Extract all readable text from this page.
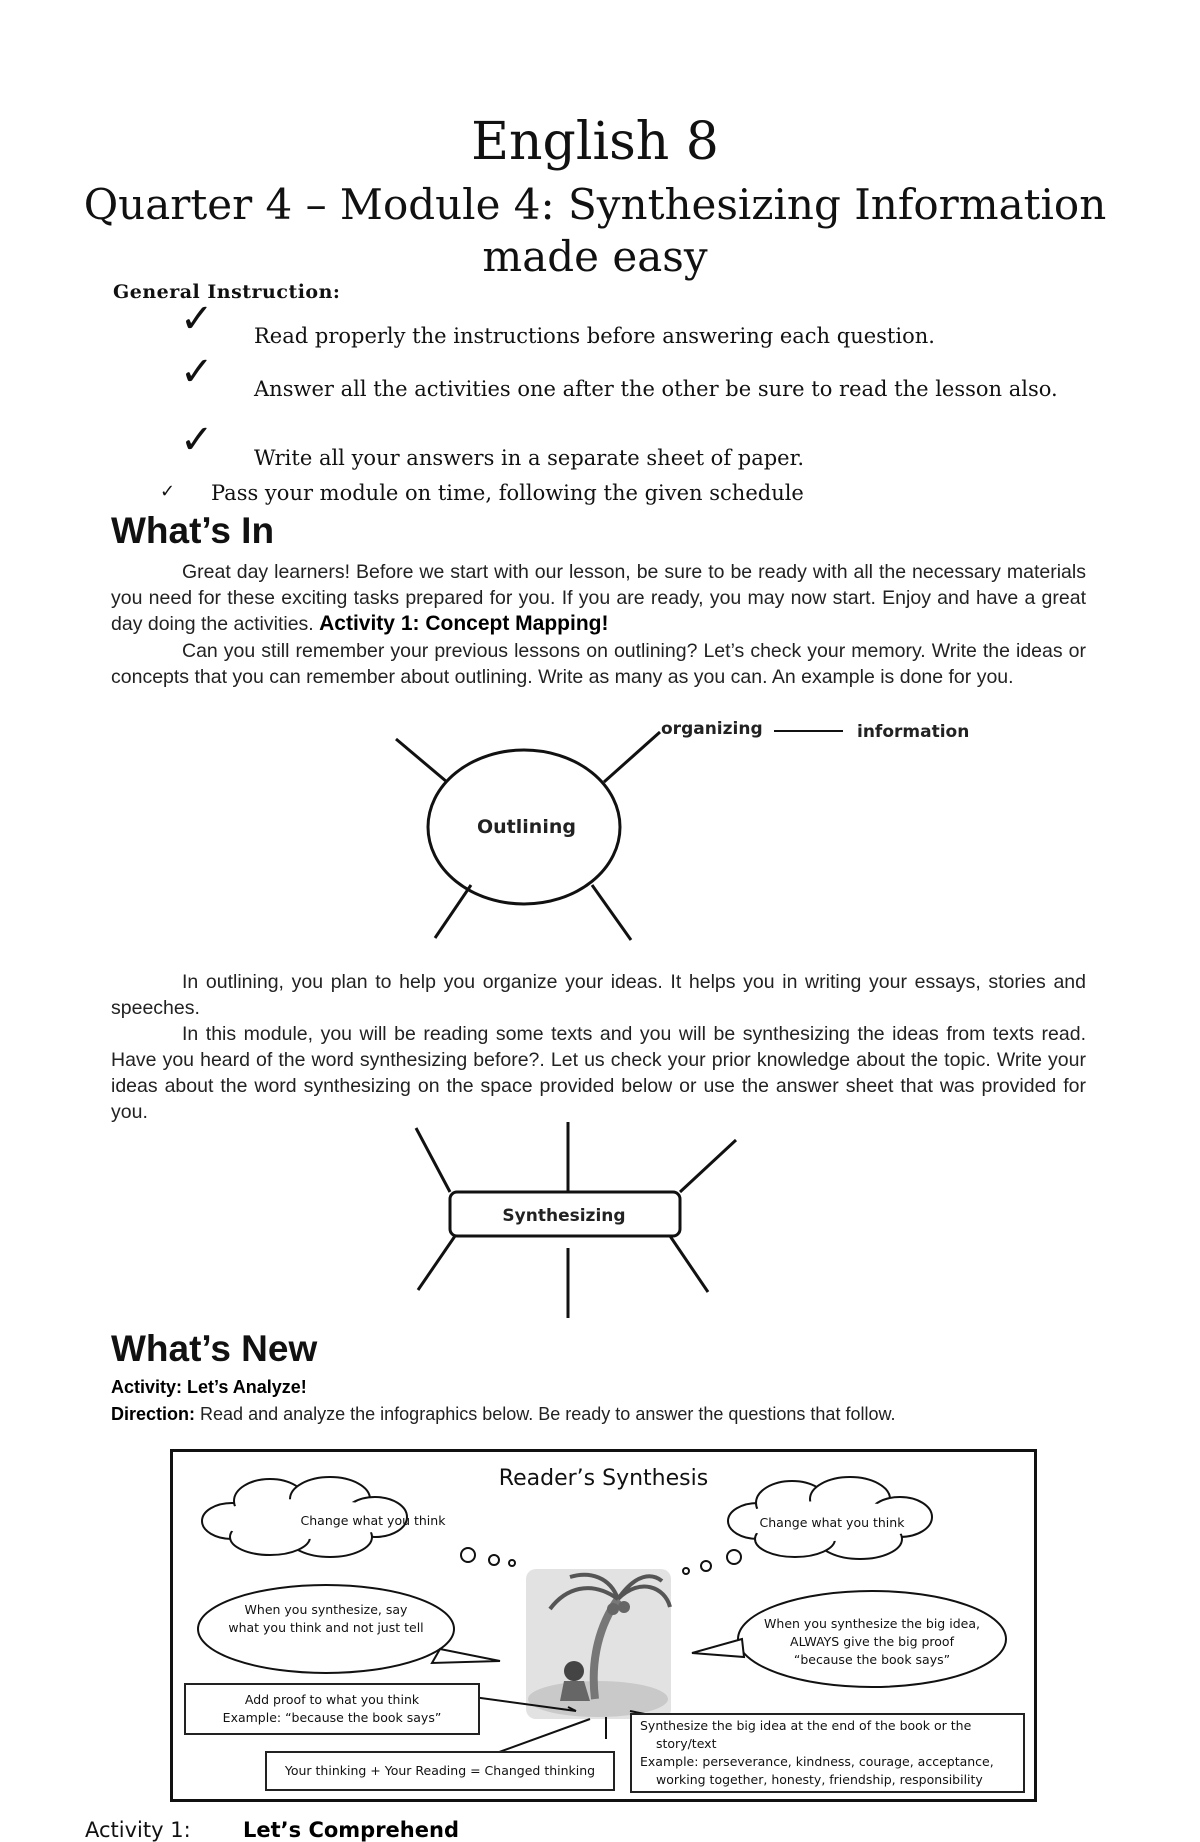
English 8
Quarter 4 – Module 4: Synthesizing Information
made easy
General Instruction:
✓ Read properly the instructions before answering each question.
✓ Answer all the activities one after the other be sure to read the lesson also.
✓ Write all your answers in a separate sheet of paper.
✓ Pass your module on time, following the given schedule
What’s In
Great day learners! Before we start with our lesson, be sure to be ready with all the necessary materials you need for these exciting tasks prepared for you. If you are ready, you may now start. Enjoy and have a great day doing the activities. Activity 1: Concept Mapping!
Can you still remember your previous lessons on outlining? Let’s check your memory. Write the ideas or concepts that you can remember about outlining. Write as many as you can. An example is done for you.
Outlining
organizing	information
In outlining, you plan to help you organize your ideas. It helps you in writing your essays, stories and speeches.
In this module, you will be reading some texts and you will be synthesizing the ideas from texts read. Have you heard of the word synthesizing before?. Let us check your prior knowledge about the topic. Write your ideas about the word synthesizing on the space provided below or use the answer sheet that was provided for you.
Synthesizing
What’s New
Activity: Let’s Analyze!
Direction: Read and analyze the infographics below. Be ready to answer the questions that follow.
Change what you think	Change what you think
Reader’s Synthesis
When you synthesize, say
what you think and not just tell	When you synthesize the big idea,
ALWAYS give the big proof
“because the book says”
Add proof to what you think
Example: “because the book says”
Your thinking + Your Reading = Changed thinking
Synthesize the big idea at the end of the book or the
story/text
Example: perseverance, kindness, courage, acceptance,
working together, honesty, friendship, responsibility
Activity 1: Let’s Comprehend
